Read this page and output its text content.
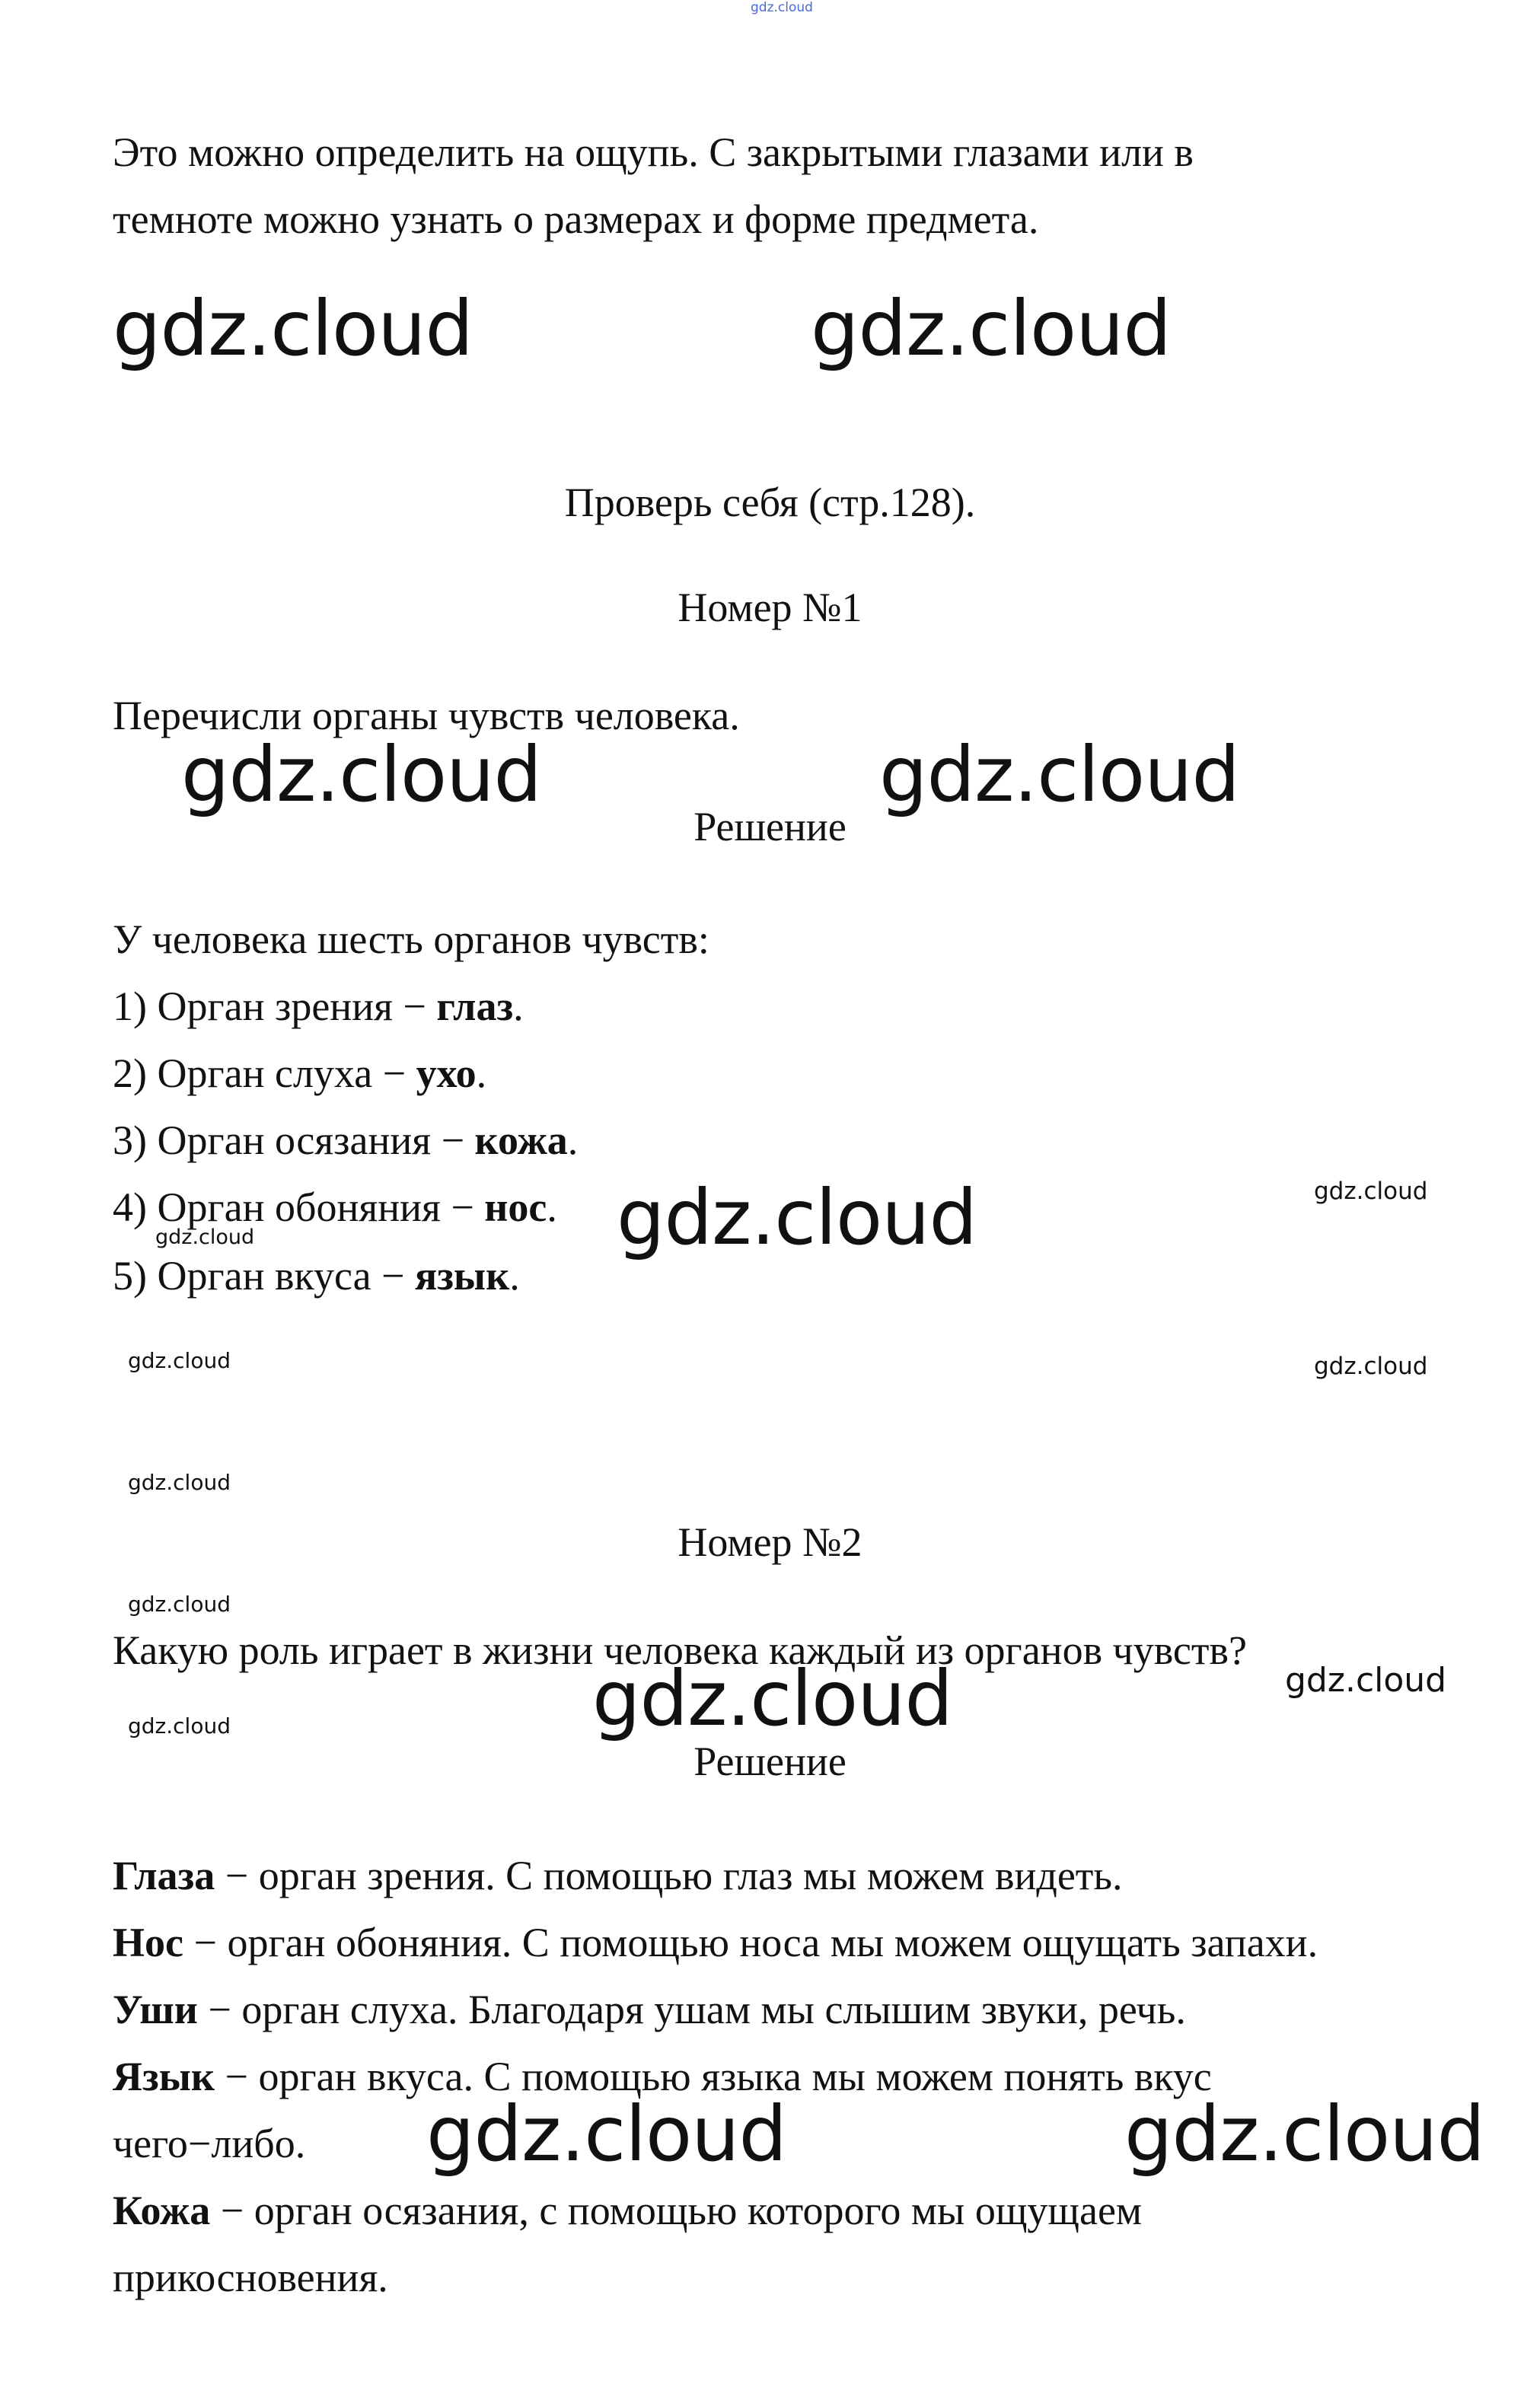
gdz.cloud

Это можно определить на ощупь. С закрытыми глазами или в

темноте можно узнать о размерах и форме предмета.

gdz.cloud	gdz.cloud

Проверь себя (стр.128).

Номер №1

Перечисли органы чувств человека.

gdz.cloud	gdz.cloud

Решение

У человека шесть органов чувств:

1) Орган зрения − глаз.

2) Орган слуха − ухо.

3) Орган осязания − кожа.

4) Орган обоняния − нос.

5) Орган вкуса − язык.

gdz.cloud	gdz.cloud
gdz.cloud
gdz.cloud	gdz.cloud
gdz.cloud

Номер №2

gdz.cloud

Какую роль играет в жизни человека каждый из органов чувств?

gdz.cloud
gdz.cloud
gdz.cloud

Решение

Глаза − орган зрения. С помощью глаз мы можем видеть.

Нос − орган обоняния. С помощью носа мы можем ощущать запахи.

Уши − орган слуха. Благодаря ушам мы слышим звуки, речь.

Язык − орган вкуса. С помощью языка мы можем понять вкус

чего−либо. gdz.cloud	gdz.cloud

Кожа − орган осязания, с помощью которого мы ощущаем

прикосновения.
